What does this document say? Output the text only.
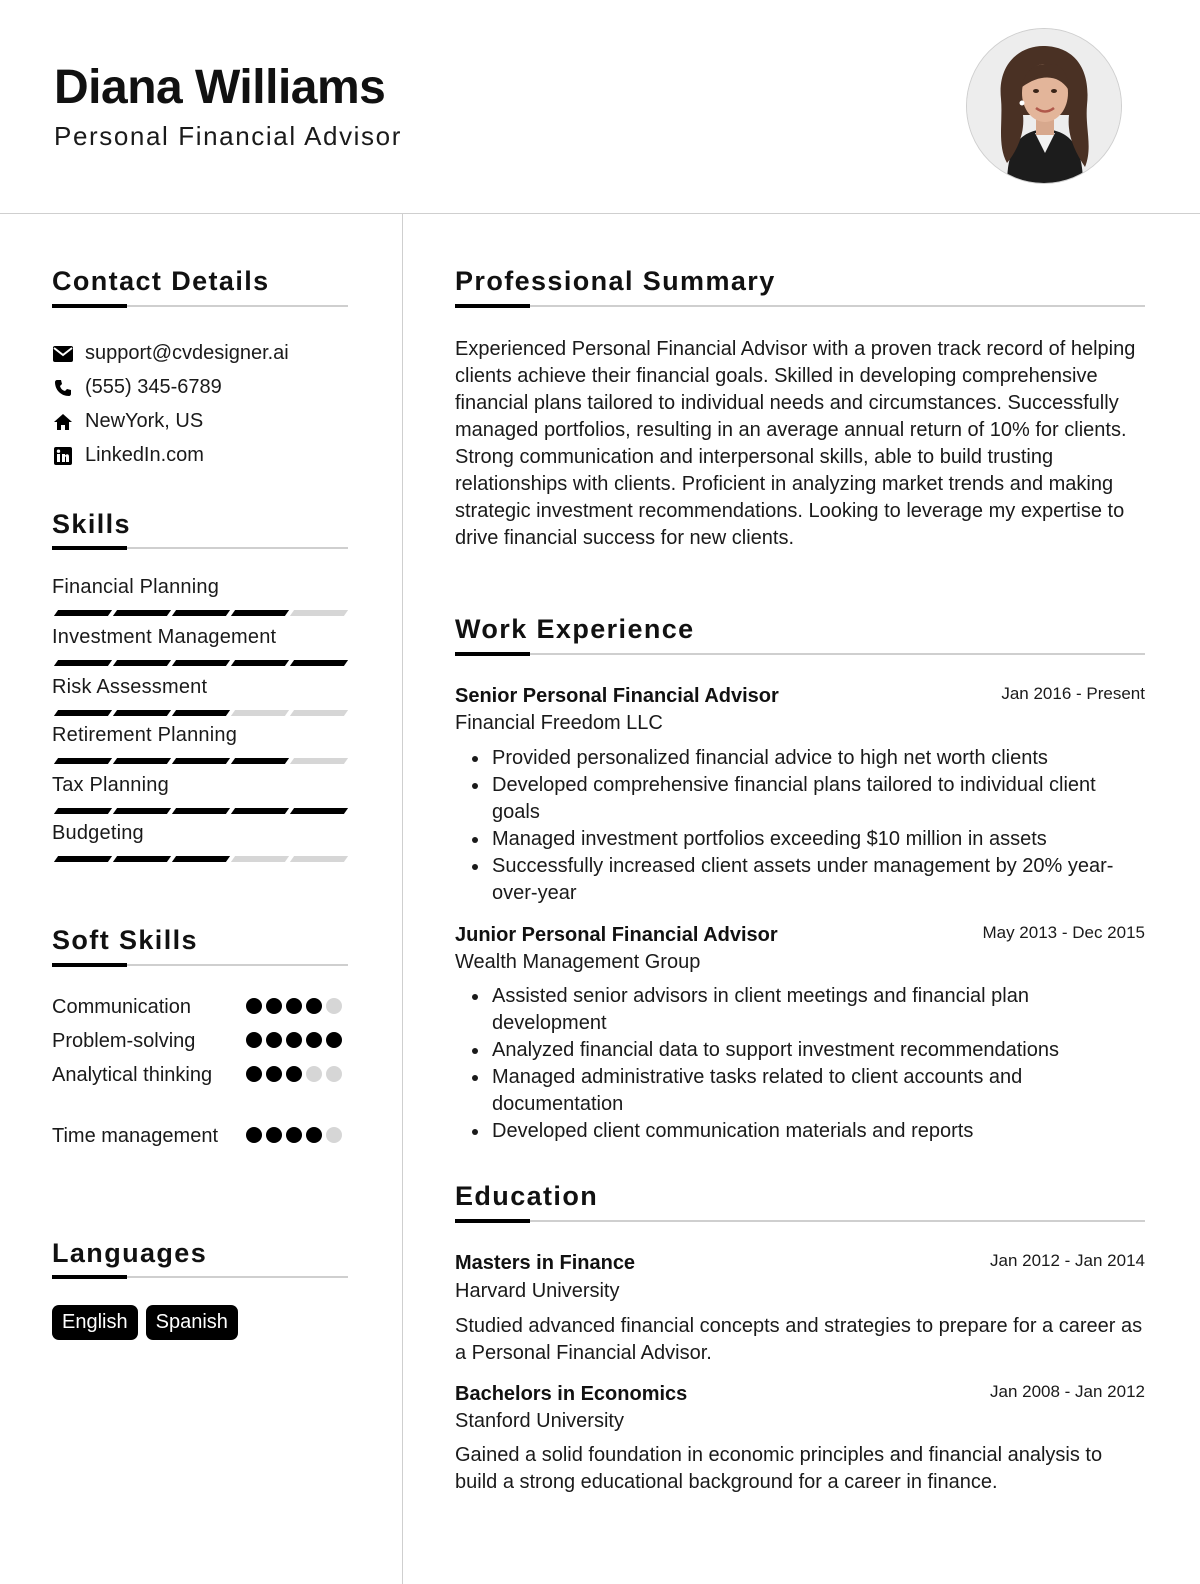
Diana Williams
Personal Financial Advisor
Contact Details
support@cvdesigner.ai
(555) 345-6789
NewYork, US
LinkedIn.com
Skills
Financial Planning
Investment Management
Risk Assessment
Retirement Planning
Tax Planning
Budgeting
Soft Skills
Communication
Problem-solving
Analytical thinking
Time management
Languages
English	Spanish
Professional Summary
Experienced Personal Financial Advisor with a proven track record of helping clients achieve their financial goals. Skilled in developing comprehensive financial plans tailored to individual needs and circumstances. Successfully managed portfolios, resulting in an average annual return of 10% for clients. Strong communication and interpersonal skills, able to build trusting relationships with clients. Proficient in analyzing market trends and making strategic investment recommendations. Looking to leverage my expertise to drive financial success for new clients.
Work Experience
Senior Personal Financial Advisor	Jan 2016 - Present
Financial Freedom LLC
Provided personalized financial advice to high net worth clients
Developed comprehensive financial plans tailored to individual client goals
Managed investment portfolios exceeding $10 million in assets
Successfully increased client assets under management by 20% year-over-year
Junior Personal Financial Advisor	May 2013 - Dec 2015
Wealth Management Group
Assisted senior advisors in client meetings and financial plan development
Analyzed financial data to support investment recommendations
Managed administrative tasks related to client accounts and documentation
Developed client communication materials and reports
Education
Masters in Finance	Jan 2012 - Jan 2014
Harvard University
Studied advanced financial concepts and strategies to prepare for a career as a Personal Financial Advisor.
Bachelors in Economics	Jan 2008 - Jan 2012
Stanford University
Gained a solid foundation in economic principles and financial analysis to build a strong educational background for a career in finance.
